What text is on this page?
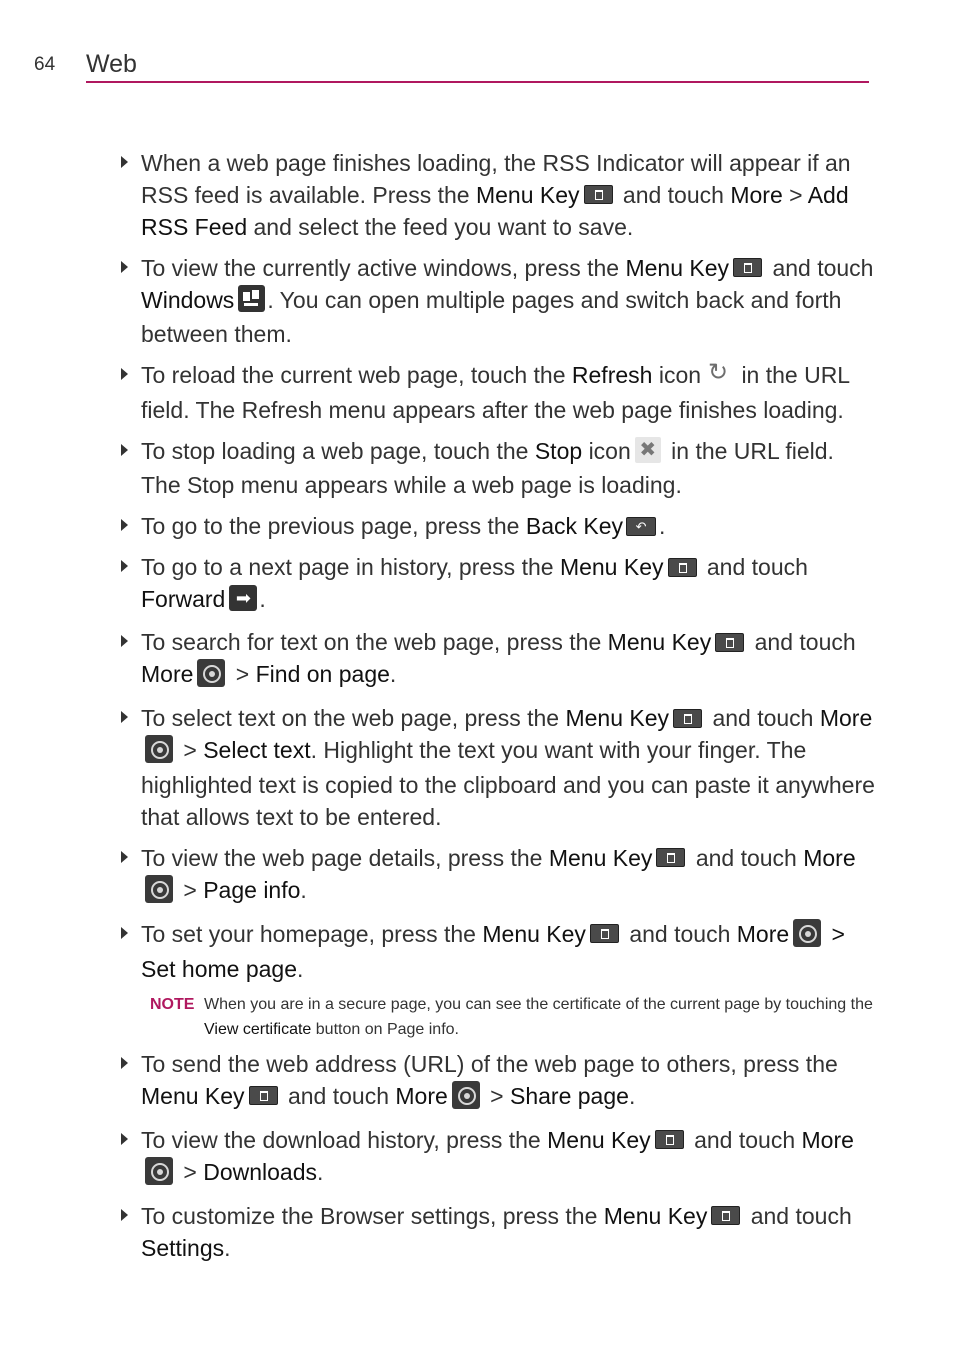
64 Web
When a web page finishes loading, the RSS Indicator will appear if an RSS feed is available. Press the Menu Key and touch More > Add RSS Feed and select the feed you want to save.
To view the currently active windows, press the Menu Key and touch Windows . You can open multiple pages and switch back and forth between them.
To reload the current web page, touch the Refresh icon ↻ in the URL field. The Refresh menu appears after the web page finishes loading.
To stop loading a web page, touch the Stop icon ✖ in the URL field. The Stop menu appears while a web page is loading.
To go to the previous page, press the Back Key ↶ .
To go to a next page in history, press the Menu Key and touch Forward ➡ .
To search for text on the web page, press the Menu Key and touch More > Find on page.
To select text on the web page, press the Menu Key and touch More > Select text. Highlight the text you want with your finger. The highlighted text is copied to the clipboard and you can paste it anywhere that allows text to be entered.
To view the web page details, press the Menu Key and touch More > Page info.
To set your homepage, press the Menu Key and touch More > Set home page.
NOTE When you are in a secure page, you can see the certificate of the current page by touching the View certificate button on Page info.
To send the web address (URL) of the web page to others, press the Menu Key and touch More > Share page.
To view the download history, press the Menu Key and touch More > Downloads.
To customize the Browser settings, press the Menu Key and touch Settings.
